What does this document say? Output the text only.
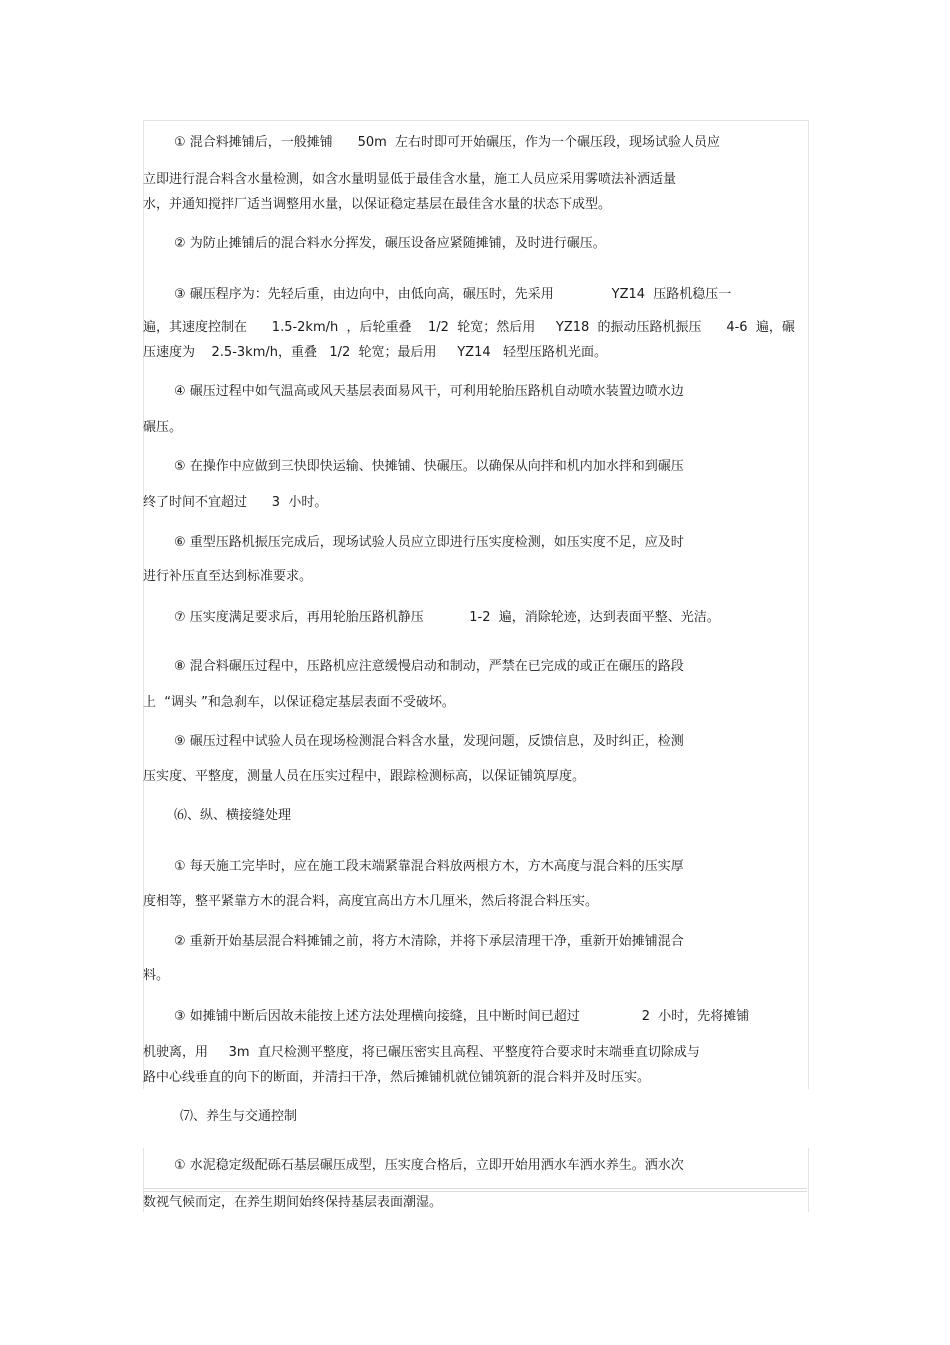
① 混合料摊铺后，一般摊铺      50m  左右时即可开始碾压，作为一个碾压段，现场试验人员应

立即进行混合料含水量检测，如含水量明显低于最佳含水量，施工人员应采用雾喷法补洒适量

水，并通知搅拌厂适当调整用水量，以保证稳定基层在最佳含水量的状态下成型。

② 为防止摊铺后的混合料水分挥发，碾压设备应紧随摊铺，及时进行碾压。

③ 碾压程序为：先轻后重，由边向中，由低向高，碾压时，先采用              YZ14  压路机稳压一

遍，其速度控制在      1.5-2km/h  ，后轮重叠    1/2  轮宽；然后用     YZ18  的振动压路机振压      4-6  遍，碾

压速度为    2.5-3km/h，重叠   1/2  轮宽；最后用     YZ14   轻型压路机光面。

④ 碾压过程中如气温高或风天基层表面易风干，可利用轮胎压路机自动喷水装置边喷水边

碾压。

⑤ 在操作中应做到三快即快运输、快摊铺、快碾压。以确保从向拌和机内加水拌和到碾压

终了时间不宜超过      3  小时。

⑥ 重型压路机振压完成后，现场试验人员应立即进行压实度检测，如压实度不足，应及时

进行补压直至达到标准要求。

⑦ 压实度满足要求后，再用轮胎压路机静压           1-2  遍，消除轮迹，达到表面平整、光洁。

⑧ 混合料碾压过程中，压路机应注意缓慢启动和制动，严禁在已完成的或正在碾压的路段

上  “调头 ”和急刹车，以保证稳定基层表面不受破坏。

⑨ 碾压过程中试验人员在现场检测混合料含水量，发现问题，反馈信息，及时纠正，检测

压实度、平整度，测量人员在压实过程中，跟踪检测标高，以保证铺筑厚度。

⑹、纵、横接缝处理

① 每天施工完毕时，应在施工段末端紧靠混合料放两根方木，方木高度与混合料的压实厚

度相等，整平紧靠方木的混合料，高度宜高出方木几厘米，然后将混合料压实。

② 重新开始基层混合料摊铺之前，将方木清除，并将下承层清理干净，重新开始摊铺混合

料。

③ 如摊铺中断后因故未能按上述方法处理横向接缝，且中断时间已超过               2  小时，先将摊铺

机驶离，用     3m  直尺检测平整度，将已碾压密实且高程、平整度符合要求时末端垂直切除成与

路中心线垂直的向下的断面，并清扫干净，然后摊铺机就位铺筑新的混合料并及时压实。

⑺、养生与交通控制

① 水泥稳定级配砾石基层碾压成型，压实度合格后，立即开始用洒水车洒水养生。洒水次

数视气候而定，在养生期间始终保持基层表面潮湿。
